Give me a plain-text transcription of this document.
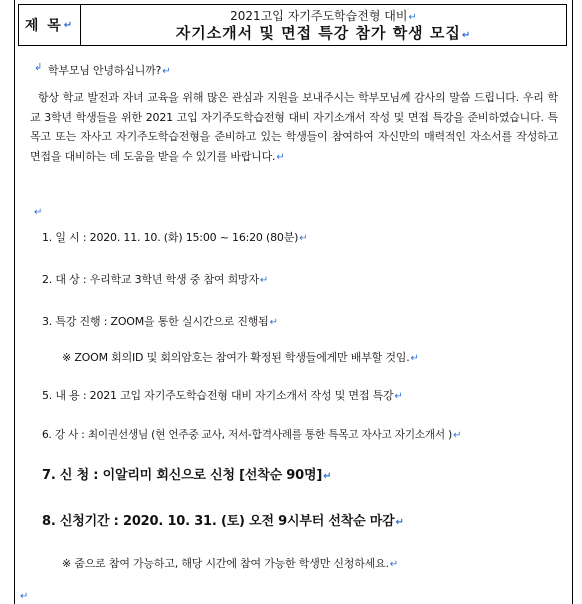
제 목 ↵
2021고입 자기주도학습전형 대비↵
자기소개서 및 면접 특강 참가 학생 모집↵
↲ 학부모님 안녕하십니까?↵
항상 학교 발전과 자녀 교육을 위해 많은 관심과 지원을 보내주시는 학부모님께 감사의 말씀 드립니다. 우리 학교 3학년 학생들을 위한 2021 고입 자기주도학습전형 대비 자기소개서 작성 및 면접 특강을 준비하였습니다. 특목고 또는 자사고 자기주도학습전형을 준비하고 있는 학생들이 참여하여 자신만의 매력적인 자소서를 작성하고 면접을 대비하는 데 도움을 받을 수 있기를 바랍니다.↵
↵
1. 일 시 : 2020. 11. 10. (화) 15:00 ~ 16:20 (80분)↵
2. 대 상 : 우리학교 3학년 학생 중 참여 희망자↵
3. 특강 진행 : ZOOM을 통한 실시간으로 진행됨↵
※ ZOOM 회의ID 및 회의암호는 참여가 확정된 학생들에게만 배부할 것임.↵
5. 내 용 : 2021 고입 자기주도학습전형 대비 자기소개서 작성 및 면접 특강↵
6. 강 사 : 최이권선생님 (현 언주중 교사, 저서-합격사례를 통한 특목고 자사고 자기소개서 )↵
7. 신 청 : 이알리미 회신으로 신청 [선착순 90명]↵
8. 신청기간 : 2020. 10. 31. (토) 오전 9시부터 선착순 마감↵
※ 줌으로 참여 가능하고, 해당 시간에 참여 가능한 학생만 신청하세요.↵
↵
